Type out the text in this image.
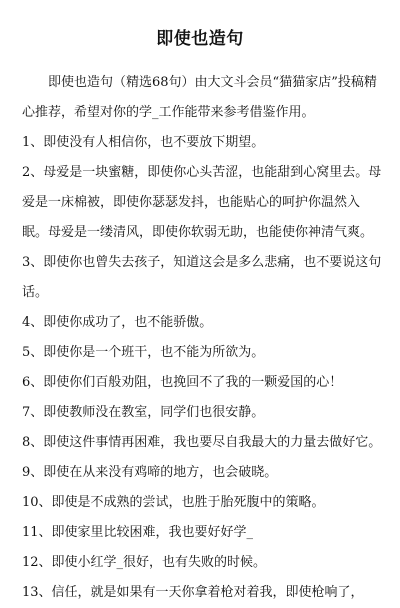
即使也造句

即使也造句（精选68句）由大文斗会员“猫猫家店”投稿精心推荐，希望对你的学_工作能带来参考借鉴作用。

1、即使没有人相信你，也不要放下期望。

2、母爱是一块蜜糖，即使你心头苦涩，也能甜到心窝里去。母爱是一床棉被，即使你瑟瑟发抖，也能贴心的呵护你温然入眠。母爱是一缕清风，即使你软弱无助，也能使你神清气爽。

3、即使你也曾失去孩子，知道这会是多么悲痛，也不要说这句话。

4、即使你成功了，也不能骄傲。

5、即使你是一个班干，也不能为所欲为。

6、即使你们百般劝阻，也挽回不了我的一颗爱国的心！

7、即使教师没在教室，同学们也很安静。

8、即使这件事情再困难，我也要尽自我最大的力量去做好它。

9、即使在从来没有鸡啼的地方，也会破晓。

10、即使是不成熟的尝试，也胜于胎死腹中的策略。

11、即使家里比较困难，我也要好好学_

12、即使小红学_很好，也有失败的时候。

13、信任，就是如果有一天你拿着枪对着我，即使枪响了，
